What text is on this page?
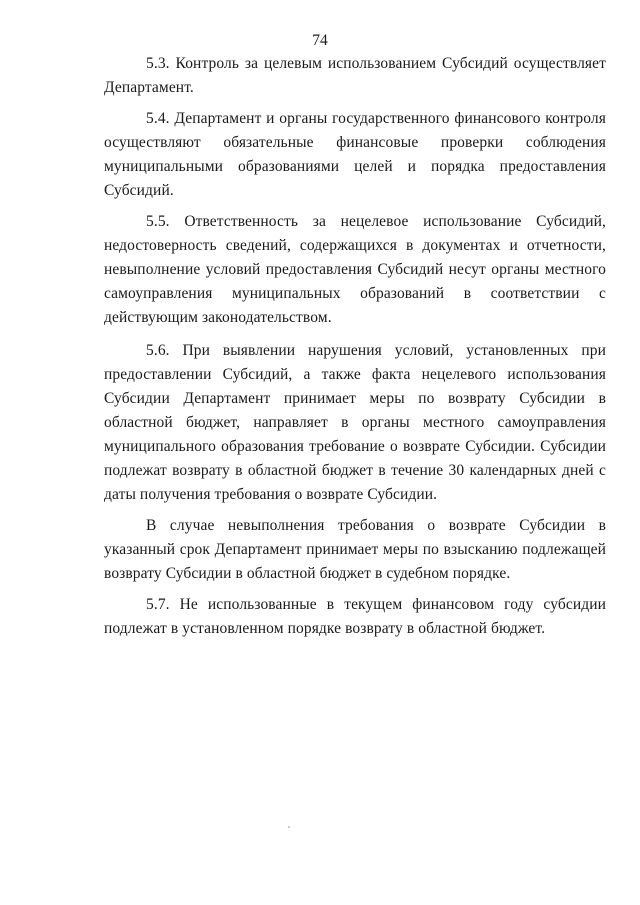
74

5.3. Контроль за целевым использованием Субсидий осуществляет Департамент.

5.4. Департамент и органы государственного финансового контроля осуществляют обязательные финансовые проверки соблюдения муниципальными образованиями целей и порядка предоставления Субсидий.

5.5. Ответственность за нецелевое использование Субсидий, недостоверность сведений, содержащихся в документах и отчетности, невыполнение условий предоставления Субсидий несут органы местного самоуправления муниципальных образований в соответствии с действующим законодательством.

5.6. При выявлении нарушения условий, установленных при предоставлении Субсидий, а также факта нецелевого использования Субсидии Департамент принимает меры по возврату Субсидии в областной бюджет, направляет в органы местного самоуправления муниципального образования требование о возврате Субсидии. Субсидии подлежат возврату в областной бюджет в течение 30 календарных дней с даты получения требования о возврате Субсидии.

В случае невыполнения требования о возврате Субсидии в указанный срок Департамент принимает меры по взысканию подлежащей возврату Субсидии в областной бюджет в судебном порядке.

5.7. Не использованные в текущем финансовом году субсидии подлежат в установленном порядке возврату в областной бюджет.
